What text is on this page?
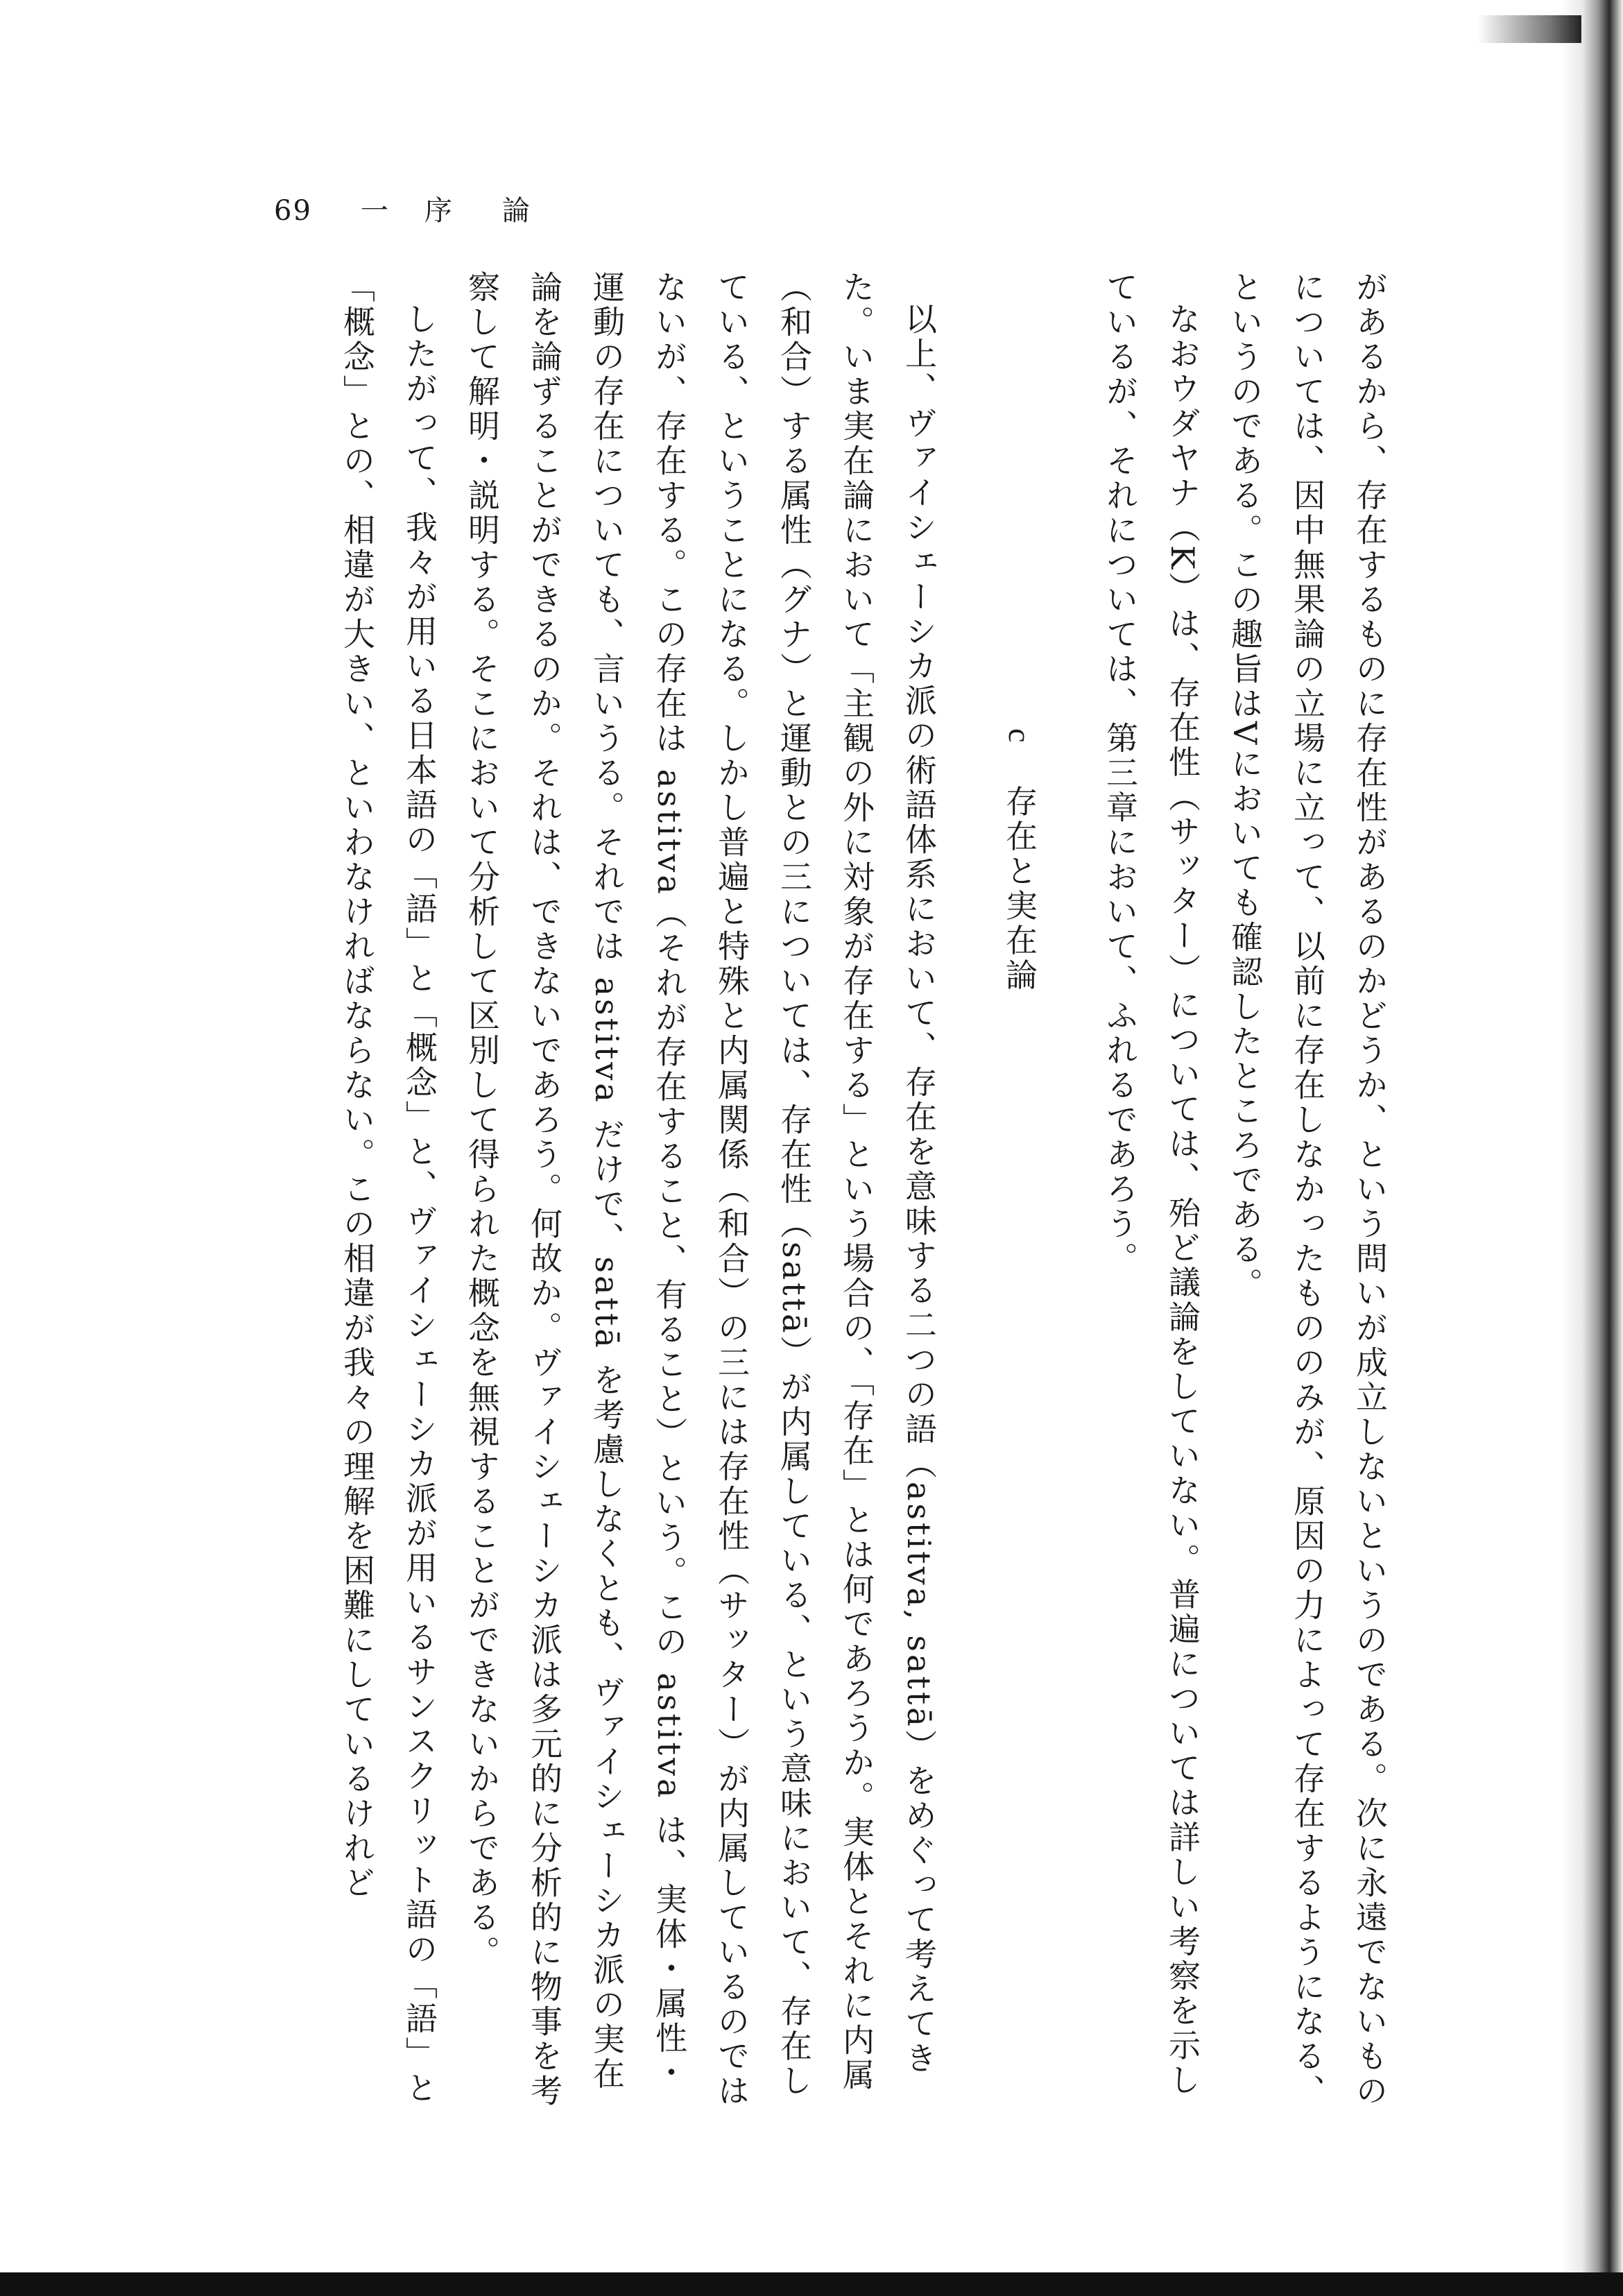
69 一 序 論

があるから、存在するものに存在性があるのかどうか、という問いが成立しないというのである。次に永遠でないものについては、因中無果論の立場に立って、以前に存在しなかったもののみが、原因の力によって存在するようになる、というのである。この趣旨はVにおいても確認したところである。

なおウダヤナ（K）は、存在性（サッター）については、殆ど議論をしていない。普遍については詳しい考察を示しているが、それについては、第三章において、ふれるであろう。

c存在と実在論

以上、ヴァイシェーシカ派の術語体系において、存在を意味する二つの語（astitva, sattā）をめぐって考えてきた。いま実在論において「主観の外に対象が存在する」という場合の、「存在」とは何であろうか。実体とそれに内属（和合）する属性（グナ）と運動との三については、存在性（sattā）が内属している、という意味において、存在している、ということになる。しかし普遍と特殊と内属関係（和合）の三には存在性（サッター）が内属しているのではないが、存在する。この存在は astitva（それが存在すること、有ること）という。この astitva は、実体・属性・運動の存在についても、言いうる。それでは astitva だけで、sattā を考慮しなくとも、ヴァイシェーシカ派の実在論を論ずることができるのか。それは、できないであろう。何故か。ヴァイシェーシカ派は多元的に分析的に物事を考察して解明・説明する。そこにおいて分析して区別して得られた概念を無視することができないからである。

したがって、我々が用いる日本語の「語」と「概念」と、ヴァイシェーシカ派が用いるサンスクリット語の「語」と「概念」との、相違が大きい、といわなければならない。この相違が我々の理解を困難にしているけれど
